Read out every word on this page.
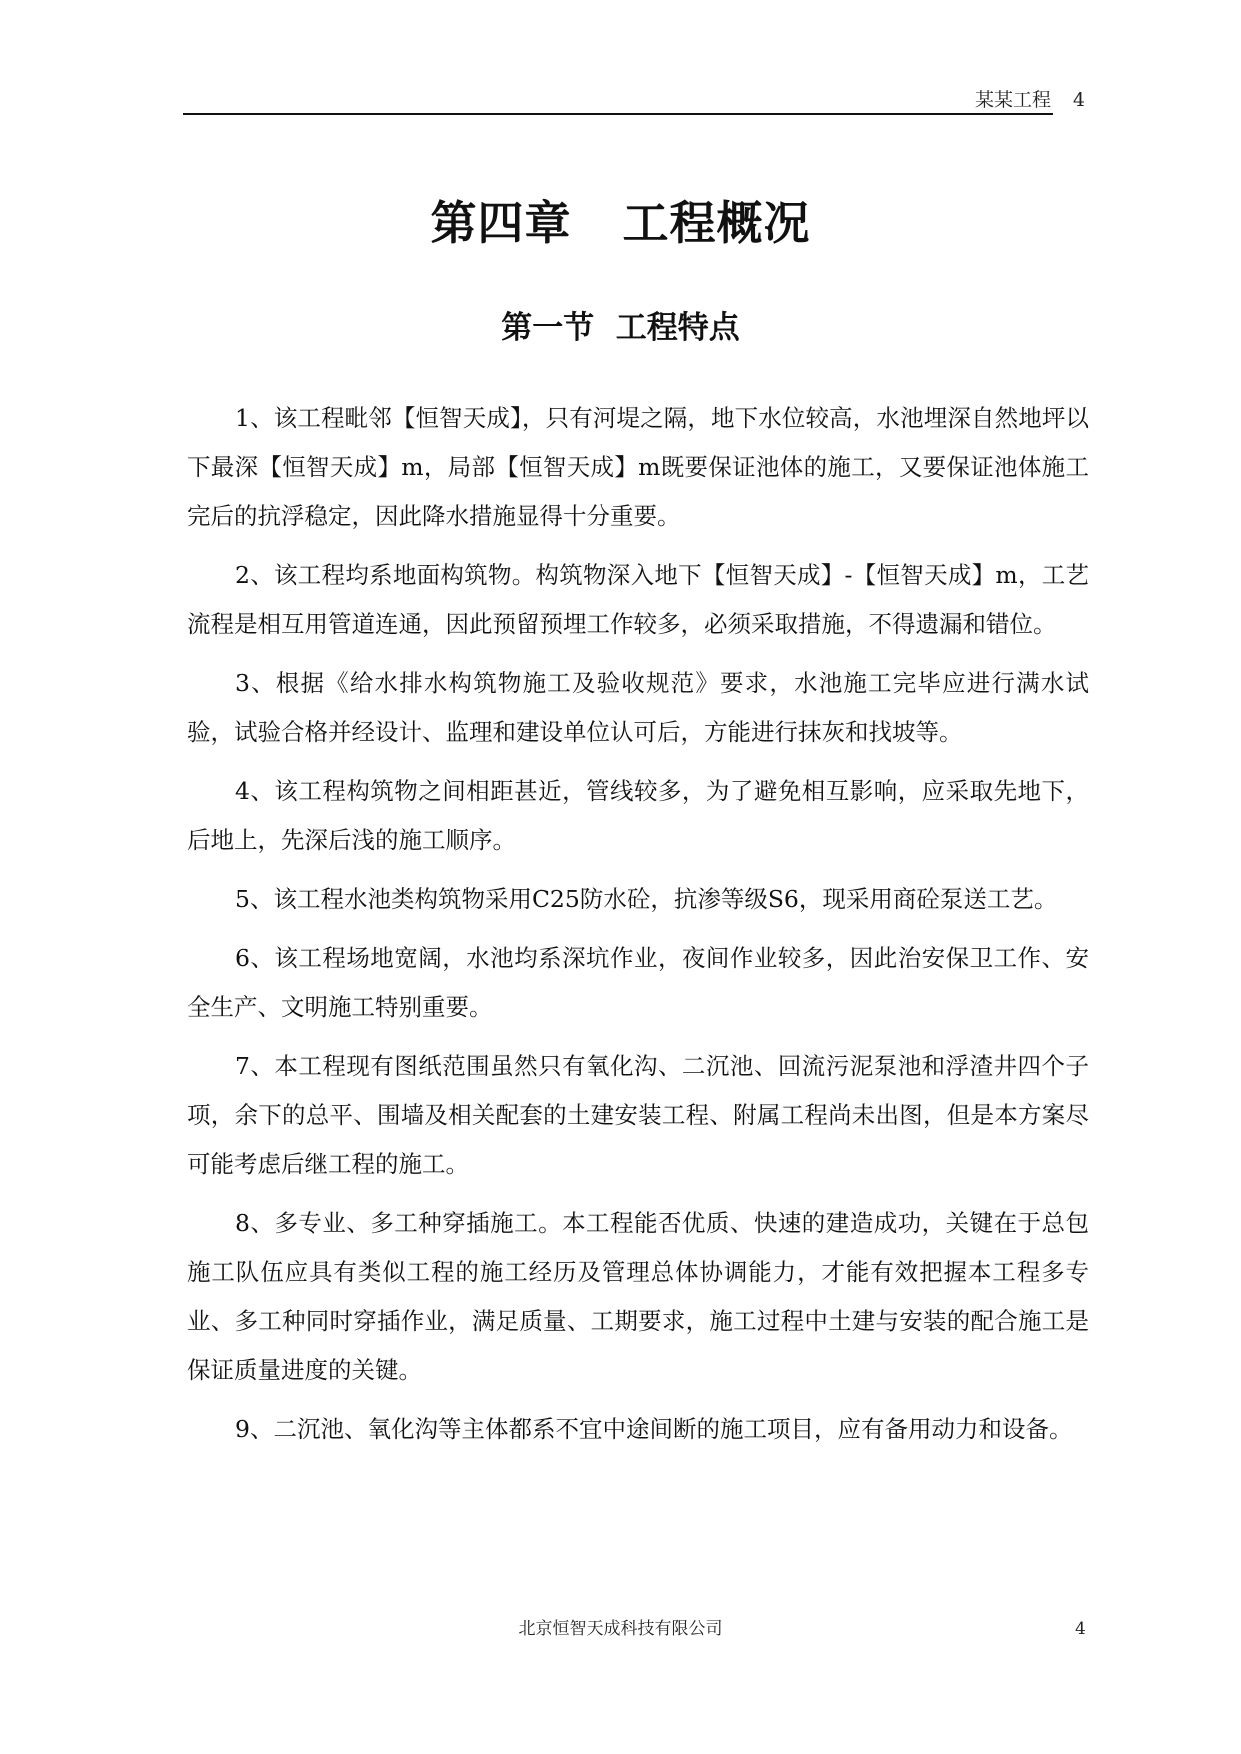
某某工程 4
第四章   工程概况
第一节  工程特点

1、该工程毗邻【恒智天成】，只有河堤之隔，地下水位较高，水池埋深自然地坪以下最深【恒智天成】m，局部【恒智天成】m既要保证池体的施工，又要保证池体施工完后的抗浮稳定，因此降水措施显得十分重要。

2、该工程均系地面构筑物。构筑物深入地下【恒智天成】-【恒智天成】m，工艺流程是相互用管道连通，因此预留预埋工作较多，必须采取措施，不得遗漏和错位。

3、根据《给水排水构筑物施工及验收规范》要求，水池施工完毕应进行满水试验，试验合格并经设计、监理和建设单位认可后，方能进行抹灰和找坡等。

4、该工程构筑物之间相距甚近，管线较多，为了避免相互影响，应采取先地下，后地上，先深后浅的施工顺序。

5、该工程水池类构筑物采用C25防水砼，抗渗等级S6，现采用商砼泵送工艺。

6、该工程场地宽阔，水池均系深坑作业，夜间作业较多，因此治安保卫工作、安全生产、文明施工特别重要。

7、本工程现有图纸范围虽然只有氧化沟、二沉池、回流污泥泵池和浮渣井四个子项，余下的总平、围墙及相关配套的土建安装工程、附属工程尚未出图，但是本方案尽可能考虑后继工程的施工。

8、多专业、多工种穿插施工。本工程能否优质、快速的建造成功，关键在于总包施工队伍应具有类似工程的施工经历及管理总体协调能力，才能有效把握本工程多专业、多工种同时穿插作业，满足质量、工期要求，施工过程中土建与安装的配合施工是保证质量进度的关键。

9、二沉池、氧化沟等主体都系不宜中途间断的施工项目，应有备用动力和设备。

北京恒智天成科技有限公司	4
